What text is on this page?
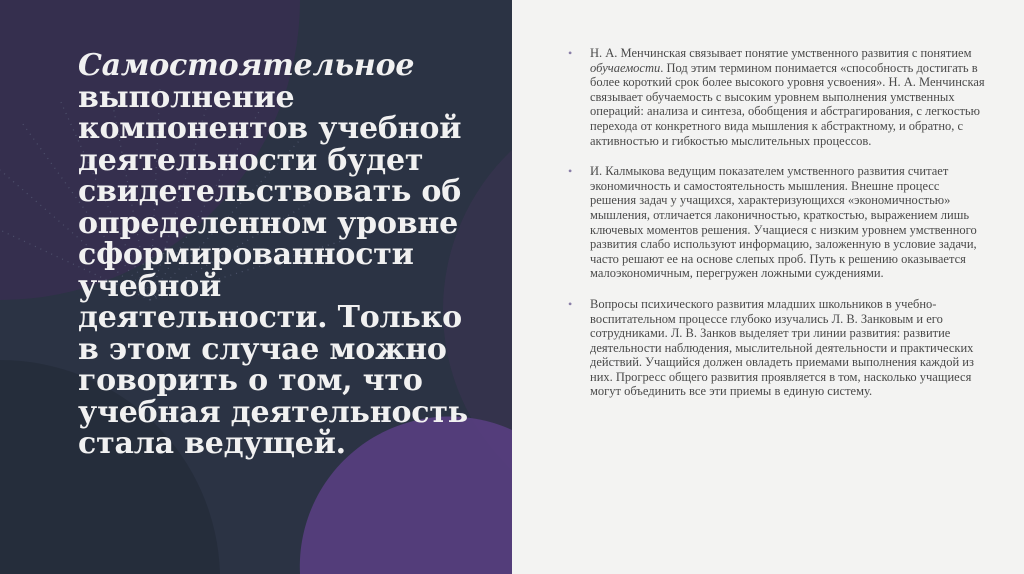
Самостоятельное выполнение компонентов учебной деятельности будет свидетельствовать об определенном уровне сформированности учебной деятельности. Только в этом случае можно говорить о том, что учебная деятельность стала ведущей.
• Н. А. Менчинская связывает понятие умственного развития с понятием обучаемости. Под этим термином понимается «способность достигать в более короткий срок более высокого уровня усвоения». Н. А. Менчинская связывает обучаемость с высоким уровнем выполнения умственных операций: анализа и синтеза, обобщения и абстрагирования, с легкостью перехода от конкретного вида мышления к абстрактному, и обратно, с активностью и гибкостью мыслительных процессов.
• И. Калмыкова ведущим показателем умственного развития считает экономичность и самостоятельность мышления. Внешне процесс решения задач у учащихся, характеризующихся «экономичностью» мышления, отличается лаконичностью, краткостью, выражением лишь ключевых моментов решения. Учащиеся с низким уровнем умственного развития слабо используют информацию, заложенную в условие задачи, часто решают ее на основе слепых проб. Путь к решению оказывается малоэкономичным, перегружен ложными суждениями.
• Вопросы психического развития младших школьников в учебно-воспитательном процессе глубоко изучались Л. В. Занковым и его сотрудниками. Л. В. Занков выделяет три линии развития: развитие деятельности наблюдения, мыслительной деятельности и практических действий. Учащийся должен овладеть приемами выполнения каждой из них. Прогресс общего развития проявляется в том, насколько учащиеся могут объединить все эти приемы в единую систему.
